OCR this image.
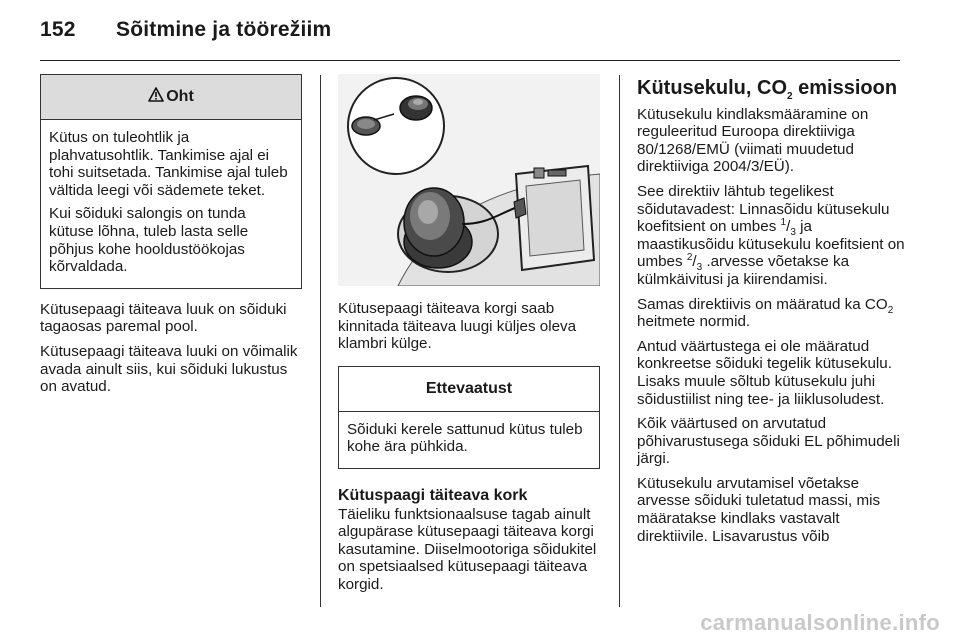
152 Sõitmine ja töörežiim
Oht

Kütus on tuleohtlik ja plahvatusohtlik. Tankimise ajal ei tohi suitsetada. Tankimise ajal tuleb vältida leegi või sädemete teket.

Kui sõiduki salongis on tunda kütuse lõhna, tuleb lasta selle põhjus kohe hooldustöökojas kõrvaldada.

Kütusepaagi täiteava luuk on sõiduki tagaosas paremal pool.

Kütusepaagi täiteava luuki on võimalik avada ainult siis, kui sõiduki lukustus on avatud.

Kütusepaagi täiteava korgi saab kinnitada täiteava luugi küljes oleva klambri külge.

Ettevaatust

Sõiduki kerele sattunud kütus tuleb kohe ära pühkida.

Kütuspaagi täiteava kork

Täieliku funktsionaalsuse tagab ainult algupärase kütusepaagi täiteava korgi kasutamine. Diiselmootoriga sõidukitel on spetsiaalsed kütusepaagi täiteava korgid.

Kütusekulu, $CO_2$ emissioon

Kütusekulu kindlaksmääramine on reguleeritud Euroopa direktiiviga 80/1268/EMÜ (viimati muudetud direktiiviga 2004/3/EÜ).

See direktiiv lähtub tegelikest sõidutavadest: Linnasõidu kütusekulu koefitsient on umbes $^1/_3$ ja maastikusõidu kütusekulu koefitsient on umbes $^2/_3$ .arvesse võetakse ka külmkäivitusi ja kiirendamisi.

Samas direktiivis on määratud ka $CO_2$ heitmete normid.

Antud väärtustega ei ole määratud konkreetse sõiduki tegelik kütusekulu. Lisaks muule sõltub kütusekulu juhi sõidustiilist ning tee- ja liiklusoludest.

Kõik väärtused on arvutatud põhivarustusega sõiduki EL põhimudeli järgi.

Kütusekulu arvutamisel võetakse arvesse sõiduki tuletatud massi, mis määratakse kindlaks vastavalt direktiivile. Lisavarustus võib

carmanualsonline.info
